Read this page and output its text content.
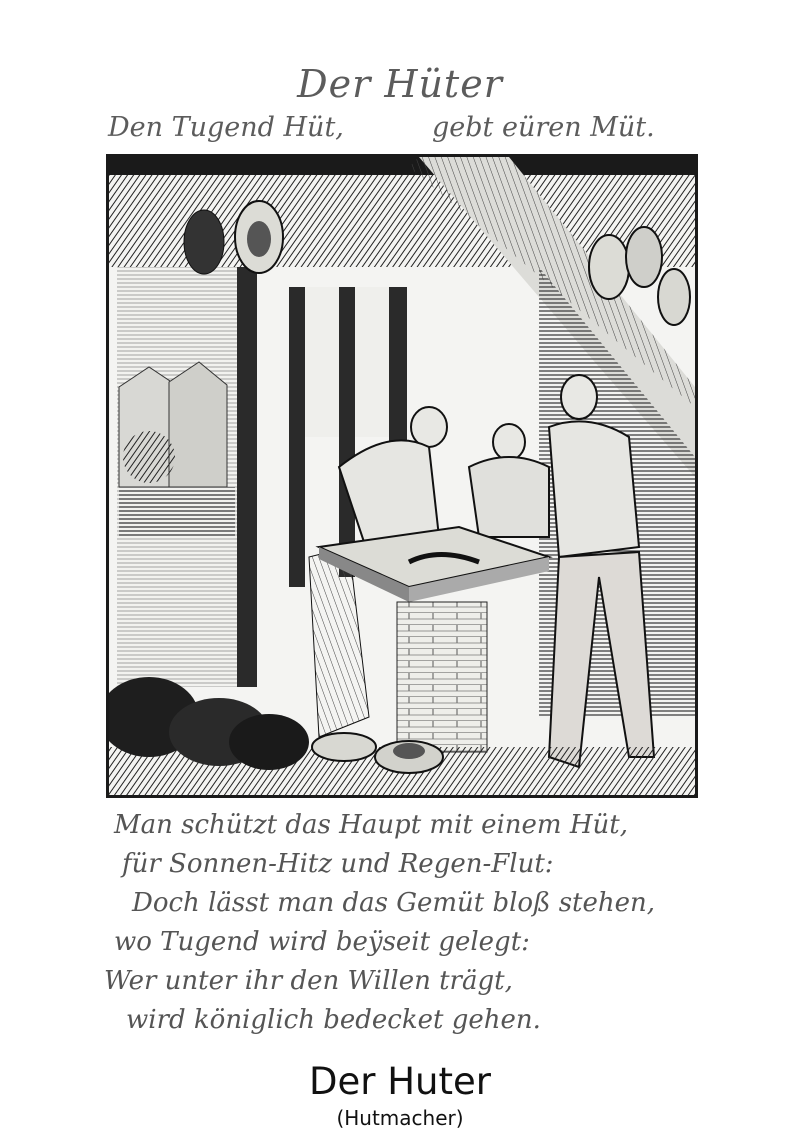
Der Hüter
Den Tugend Hüt,	gebt eüren Müt.
Man schützt das Haupt mit einem Hüt,
für Sonnen-Hitz und Regen-Flut:
Doch lässt man das Gemüt bloß stehen,
wo Tugend wird beÿseit gelegt:
Wer unter ihr den Willen trägt,
wird königlich bedecket gehen.
Der Huter
(Hutmacher)
